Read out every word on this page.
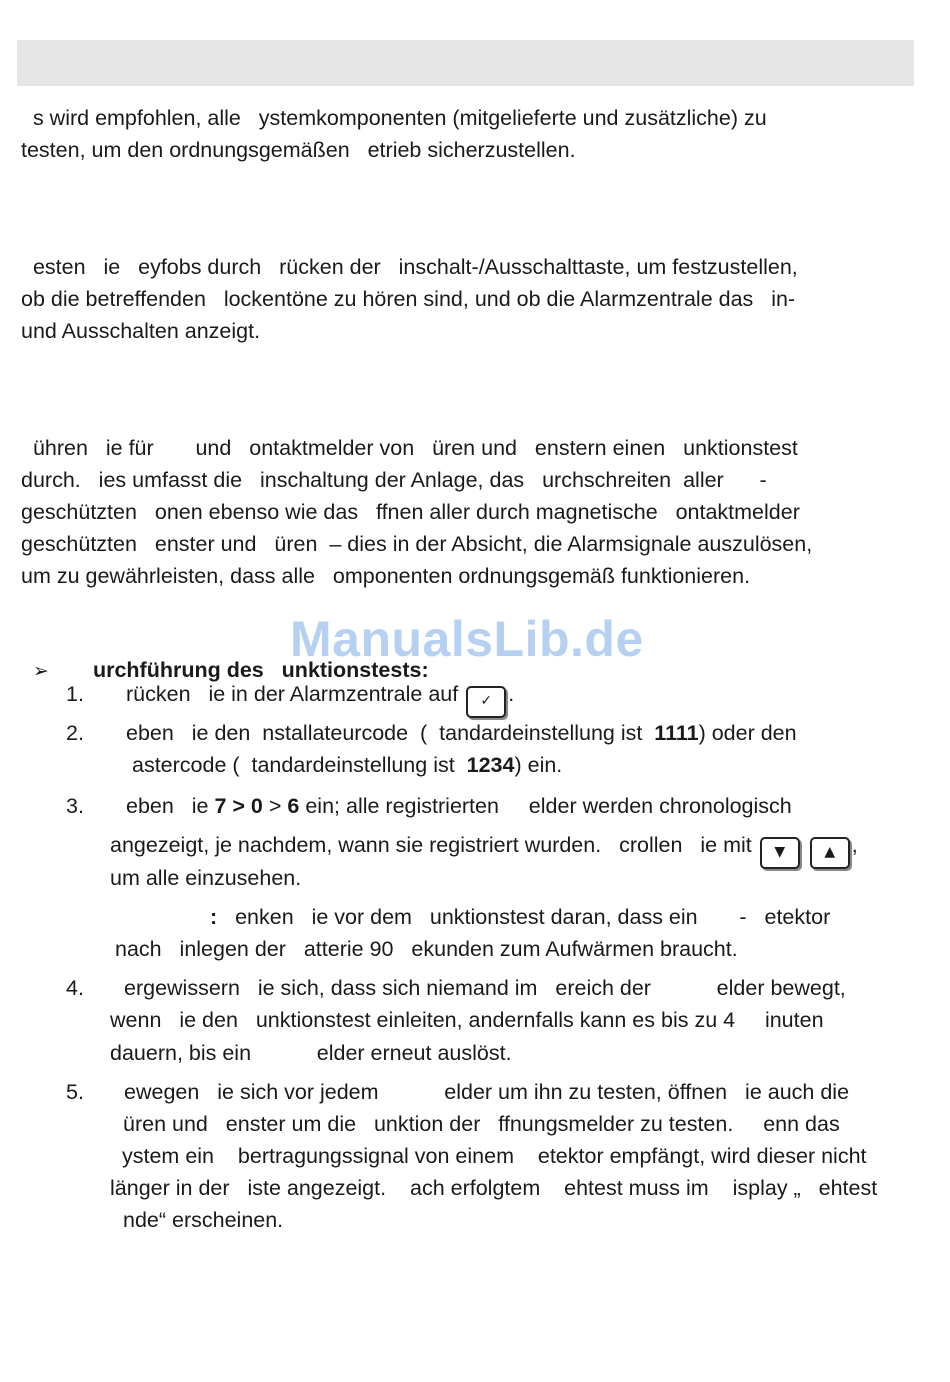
s wird empfohlen, alle   ystemkomponenten (mitgelieferte und zusätzliche) zu

testen, um den ordnungsgemäßen   etrieb sicherzustellen.

esten   ie   eyfobs durch   rücken der   inschalt-/Ausschalttaste, um festzustellen,

ob die betreffenden   lockentöne zu hören sind, und ob die Alarmzentrale das   in-

und Ausschalten anzeigt.

ühren   ie für       und   ontaktmelder von   üren und   enstern einen   unktionstest

durch.   ies umfasst die   inschaltung der Anlage, das   urchschreiten  aller      -

geschützten   onen ebenso wie das   ffnen aller durch magnetische   ontaktmelder

geschützten   enster und   üren  – dies in der Absicht, die Alarmsignale auszulösen,

um zu gewährleisten, dass alle   omponenten ordnungsgemäß funktionieren.

ManualsLib.de

➢ urchführung des   unktionstests:

1. rücken   ie in der Alarmzentrale auf ✓ .

2. eben   ie den  nstallateurcode  (  tandardeinstellung ist  1111) oder den

astercode (  tandardeinstellung ist  1234) ein.

3. eben   ie 7 > 0 > 6 ein; alle registrierten     elder werden chronologisch

angezeigt, je nachdem, wann sie registriert wurden.   crollen   ie mit ▼	▲ ,

um alle einzusehen.

:   enken   ie vor dem   unktionstest daran, dass ein       -   etektor

nach   inlegen der   atterie 90   ekunden zum Aufwärmen braucht.

4. ergewissern   ie sich, dass sich niemand im   ereich der           elder bewegt,

wenn   ie den   unktionstest einleiten, andernfalls kann es bis zu 4     inuten

dauern, bis ein           elder erneut auslöst.

5. ewegen   ie sich vor jedem           elder um ihn zu testen, öffnen   ie auch die

üren und   enster um die   unktion der   ffnungsmelder zu testen.     enn das

ystem ein    bertragungssignal von einem    etektor empfängt, wird dieser nicht

länger in der   iste angezeigt.    ach erfolgtem    ehtest muss im    isplay „   ehtest

nde“ erscheinen.
